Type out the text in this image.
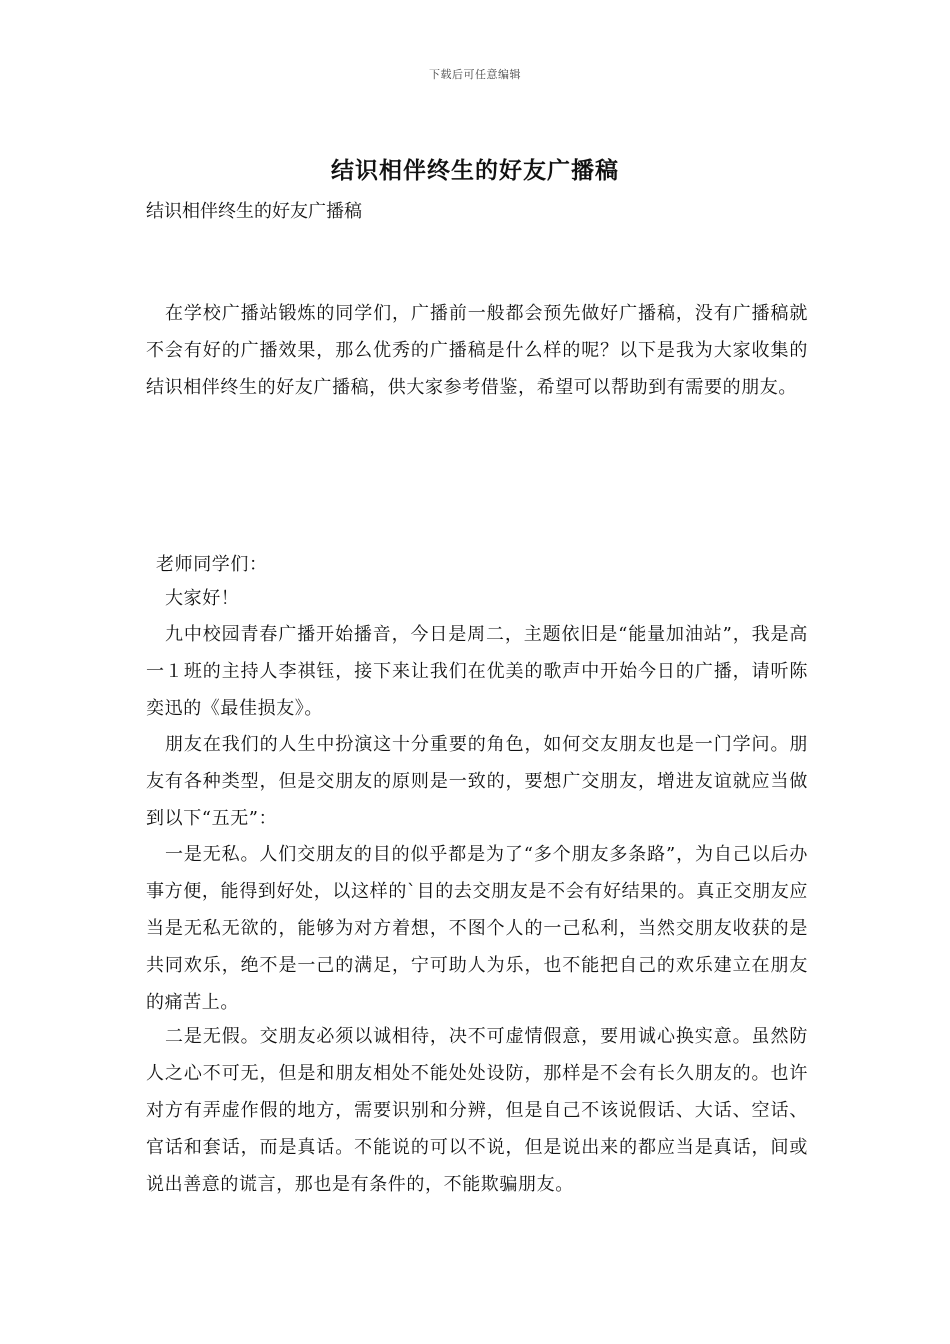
下载后可任意编辑
结识相伴终生的好友广播稿
结识相伴终生的好友广播稿

在学校广播站锻炼的同学们，广播前一般都会预先做好广播稿，没有广播稿就不会有好的广播效果，那么优秀的广播稿是什么样的呢？以下是我为大家收集的结识相伴终生的好友广播稿，供大家参考借鉴，希望可以帮助到有需要的朋友。

老师同学们：

大家好！

九中校园青春广播开始播音，今日是周二，主题依旧是“能量加油站”，我是高一１班的主持人李祺钰，接下来让我们在优美的歌声中开始今日的广播，请听陈奕迅的《最佳损友》。

朋友在我们的人生中扮演这十分重要的角色，如何交友朋友也是一门学问。朋友有各种类型，但是交朋友的原则是一致的，要想广交朋友，增进友谊就应当做到以下“五无”：

一是无私。人们交朋友的目的似乎都是为了“多个朋友多条路”，为自己以后办事方便，能得到好处，以这样的`目的去交朋友是不会有好结果的。真正交朋友应当是无私无欲的，能够为对方着想，不图个人的一己私利，当然交朋友收获的是共同欢乐，绝不是一己的满足，宁可助人为乐，也不能把自己的欢乐建立在朋友的痛苦上。

二是无假。交朋友必须以诚相待，决不可虚情假意，要用诚心换实意。虽然防人之心不可无，但是和朋友相处不能处处设防，那样是不会有长久朋友的。也许对方有弄虚作假的地方，需要识别和分辨，但是自己不该说假话、大话、空话、官话和套话，而是真话。不能说的可以不说，但是说出来的都应当是真话，间或说出善意的谎言，那也是有条件的，不能欺骗朋友。
